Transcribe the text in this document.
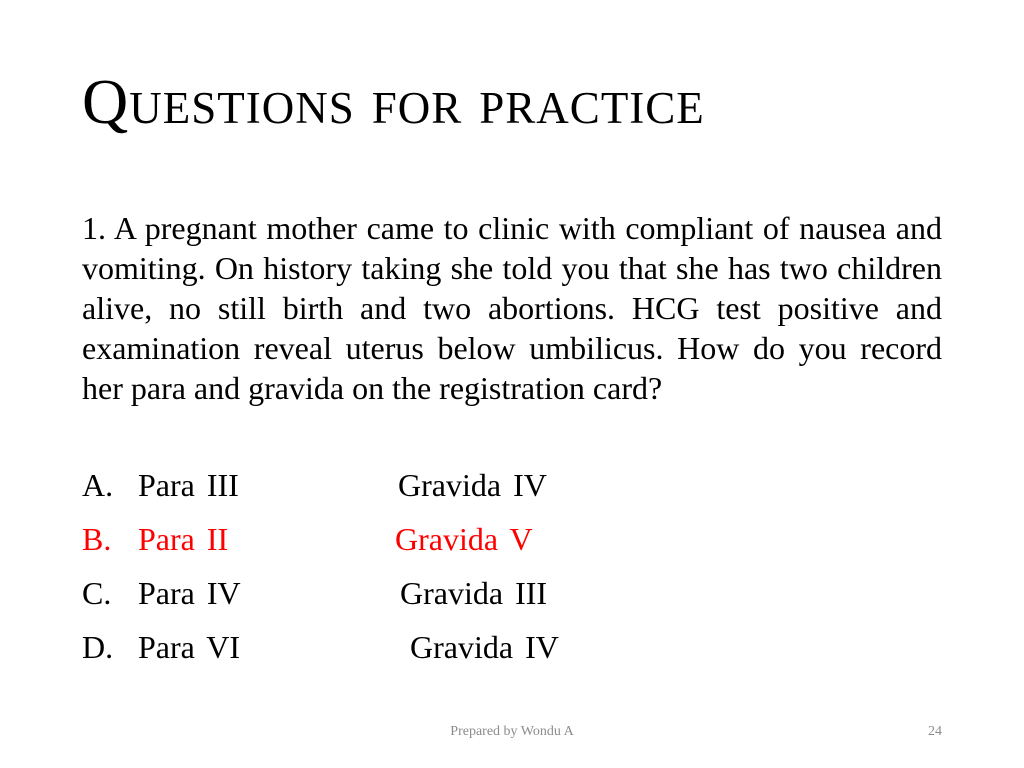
Questions for practice

1. A pregnant mother came to clinic with compliant of nausea and vomiting. On history taking she told you that she has two children alive, no still birth and two abortions. HCG test positive and examination reveal uterus below umbilicus. How do you record her para and gravida on the registration card?

A. Para III	Gravida IV
B. Para II	Gravida V
C. Para IV	Gravida III
D. Para VI	Gravida IV
Prepared by Wondu A	24
